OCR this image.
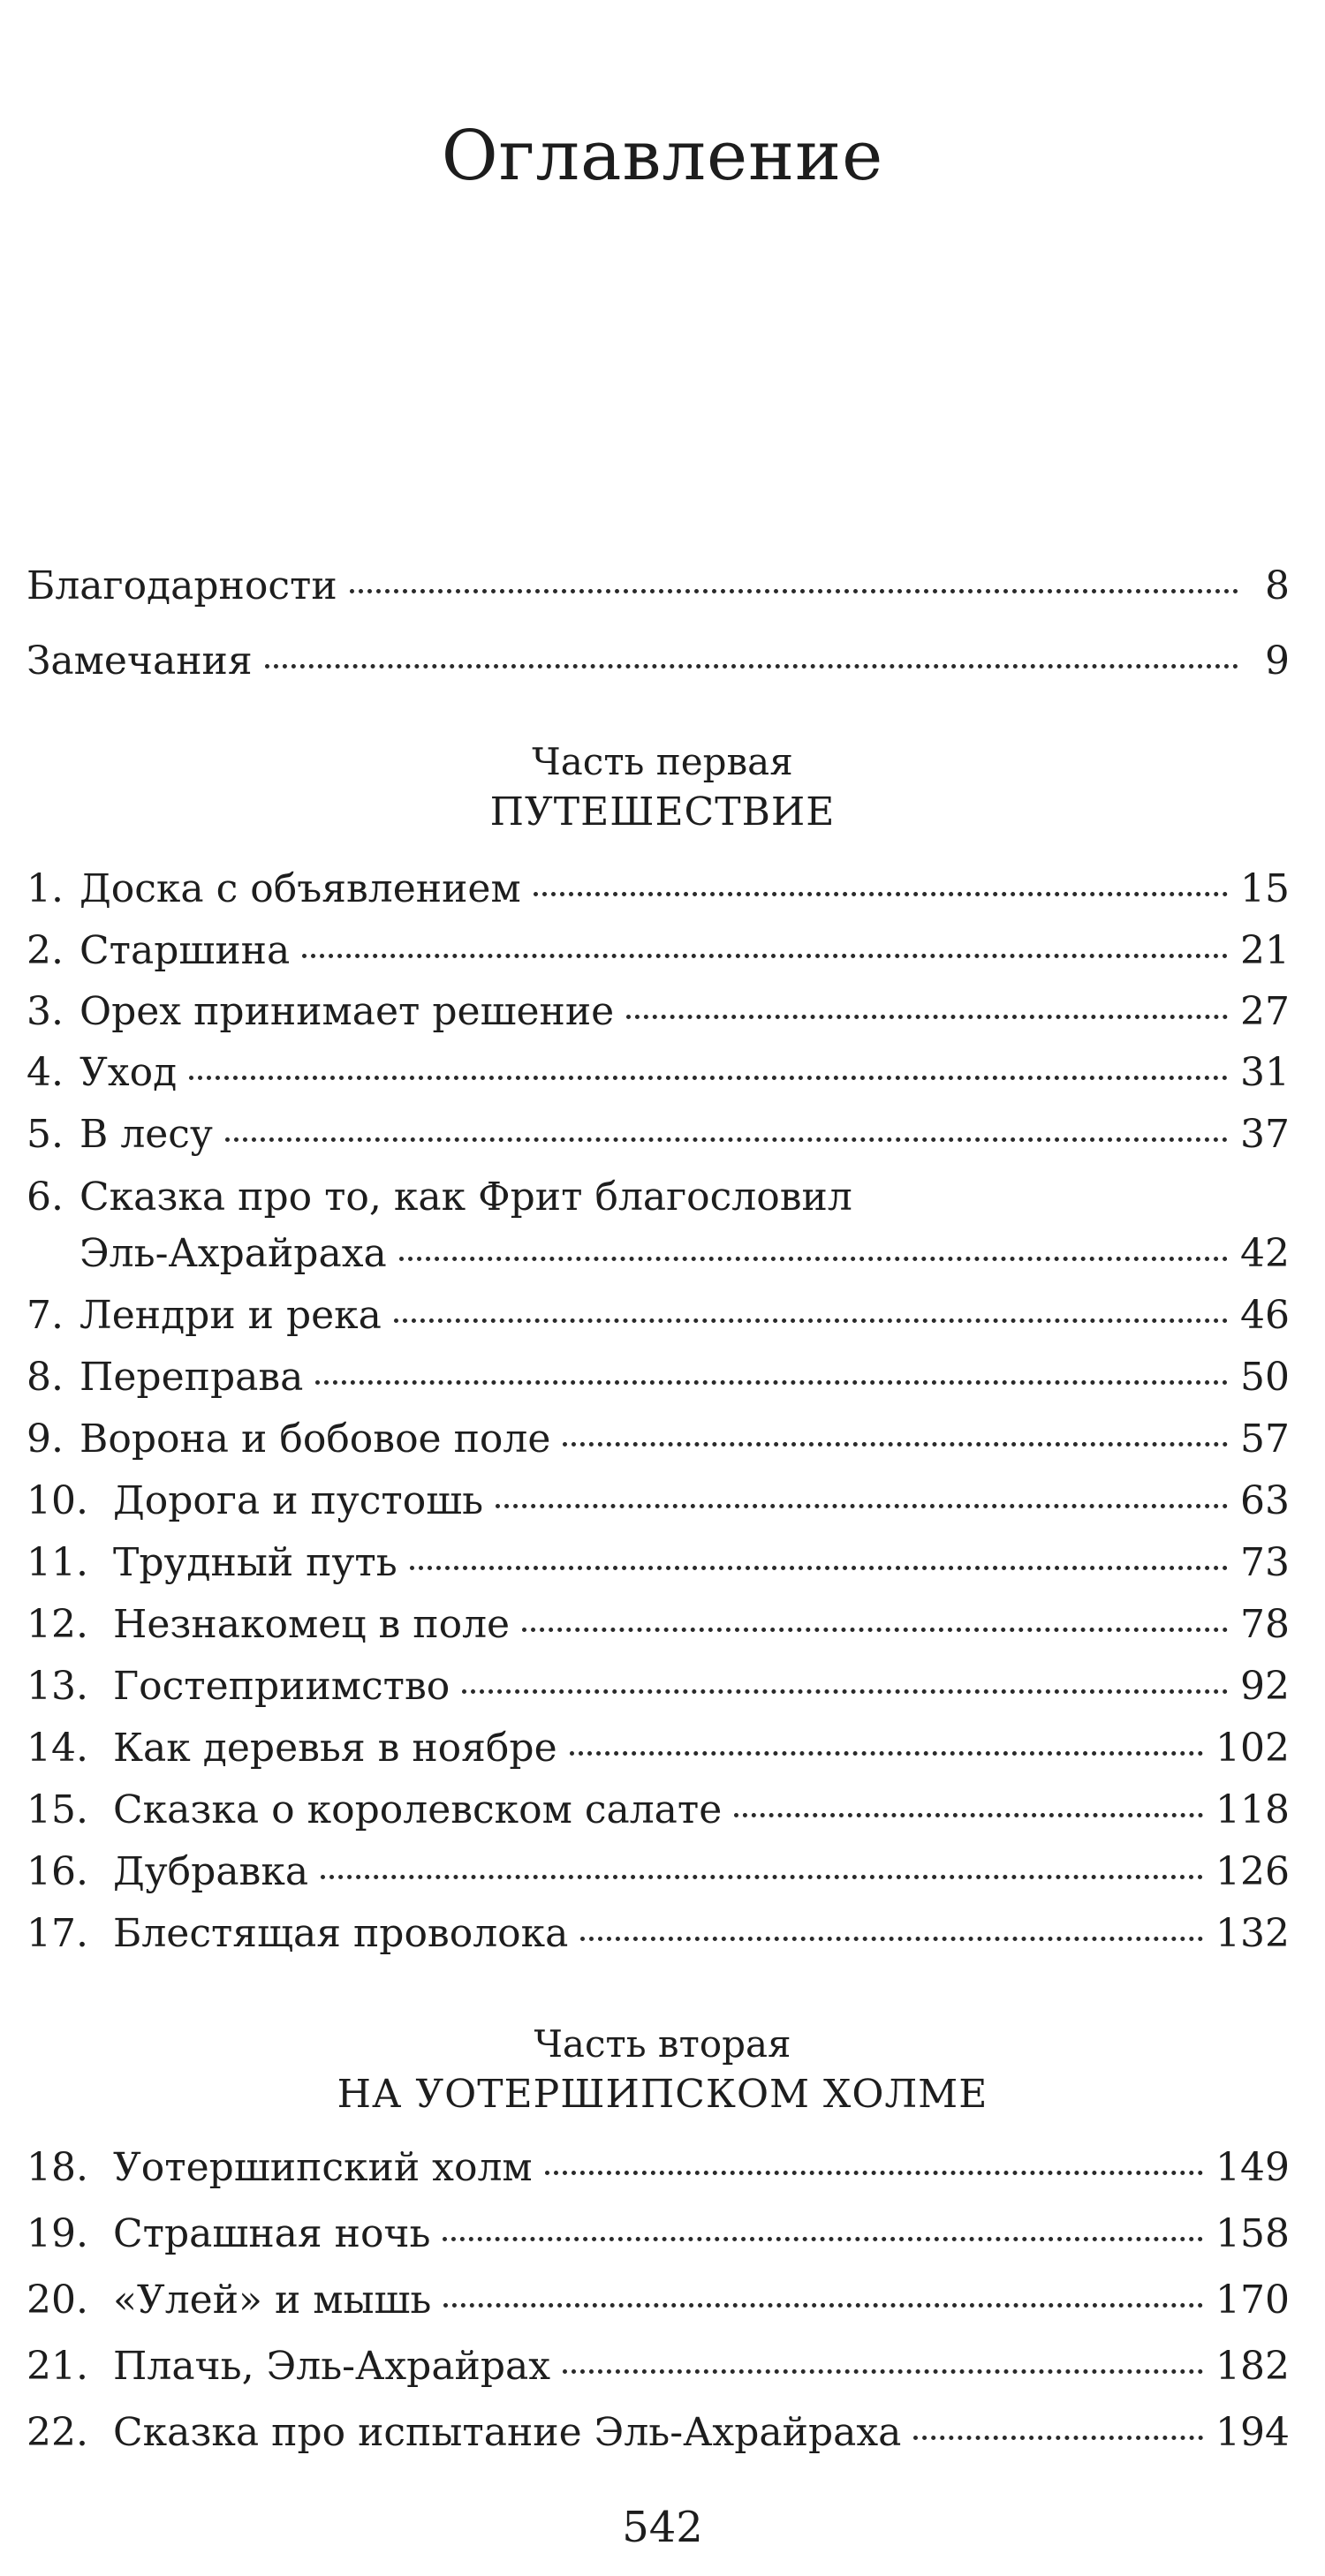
Оглавление
Благодарности	8
Замечания	9
Часть первая
ПУТЕШЕСТВИЕ
1. Доска с объявлением	15
2. Старшина	21
3. Орех принимает решение	27
4. Уход	31
5. В лесу	37
6. Сказка про то, как Фрит благословил
Эль-Ахрайраха	42
7. Лендри и река	46
8. Переправа	50
9. Ворона и бобовое поле	57
10. Дорога и пустошь	63
11. Трудный путь	73
12. Незнакомец в поле	78
13. Гостеприимство	92
14. Как деревья в ноябре	102
15. Сказка о королевском салате	118
16. Дубравка	126
17. Блестящая проволока	132
Часть вторая
НА УОТЕРШИПСКОМ ХОЛМЕ
18. Уотершипский холм	149
19. Страшная ночь	158
20. «Улей» и мышь	170
21. Плачь, Эль-Ахрайрах	182
22. Сказка про испытание Эль-Ахрайраха	194
542
